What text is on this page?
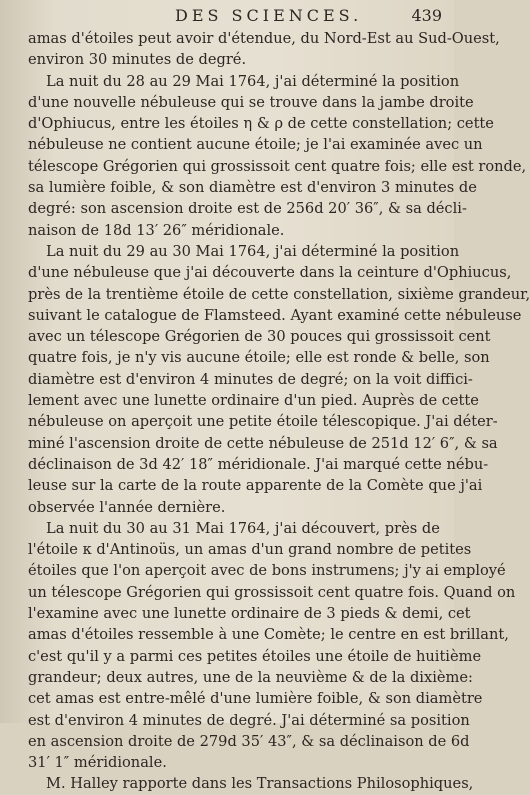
DES SCIENCES.	439
amas d'étoiles peut avoir d'étendue, du Nord-Est au Sud-Ouest,
environ 30 minutes de degré.
La nuit du 28 au 29 Mai 1764, j'ai déterminé la position
d'une nouvelle nébuleuse qui se trouve dans la jambe droite
d'Ophiucus, entre les étoiles η & ρ de cette constellation; cette
nébuleuse ne contient aucune étoile; je l'ai examinée avec un
télescope Grégorien qui grossissoit cent quatre fois; elle est ronde,
sa lumière foible, & son diamètre est d'environ 3 minutes de
degré: son ascension droite est de 256d 20′ 36″, & sa décli-
naison de 18d 13′ 26″ méridionale.
La nuit du 29 au 30 Mai 1764, j'ai déterminé la position
d'une nébuleuse que j'ai découverte dans la ceinture d'Ophiucus,
près de la trentième étoile de cette constellation, sixième grandeur,
suivant le catalogue de Flamsteed. Ayant examiné cette nébuleuse
avec un télescope Grégorien de 30 pouces qui grossissoit cent
quatre fois, je n'y vis aucune étoile; elle est ronde & belle, son
diamètre est d'environ 4 minutes de degré; on la voit diffici-
lement avec une lunette ordinaire d'un pied. Auprès de cette
nébuleuse on aperçoit une petite étoile télescopique. J'ai déter-
miné l'ascension droite de cette nébuleuse de 251d 12′ 6″, & sa
déclinaison de 3d 42′ 18″ méridionale. J'ai marqué cette nébu-
leuse sur la carte de la route apparente de la Comète que j'ai
observée l'année dernière.
La nuit du 30 au 31 Mai 1764, j'ai découvert, près de
l'étoile κ d'Antinoüs, un amas d'un grand nombre de petites
étoiles que l'on aperçoit avec de bons instrumens; j'y ai employé
un télescope Grégorien qui grossissoit cent quatre fois. Quand on
l'examine avec une lunette ordinaire de 3 pieds & demi, cet
amas d'étoiles ressemble à une Comète; le centre en est brillant,
c'est qu'il y a parmi ces petites étoiles une étoile de huitième
grandeur; deux autres, une de la neuvième & de la dixième:
cet amas est entre-mêlé d'une lumière foible, & son diamètre
est d'environ 4 minutes de degré. J'ai déterminé sa position
en ascension droite de 279d 35′ 43″, & sa déclinaison de 6d
31′ 1″ méridionale.
M. Halley rapporte dans les Transactions Philosophiques,
